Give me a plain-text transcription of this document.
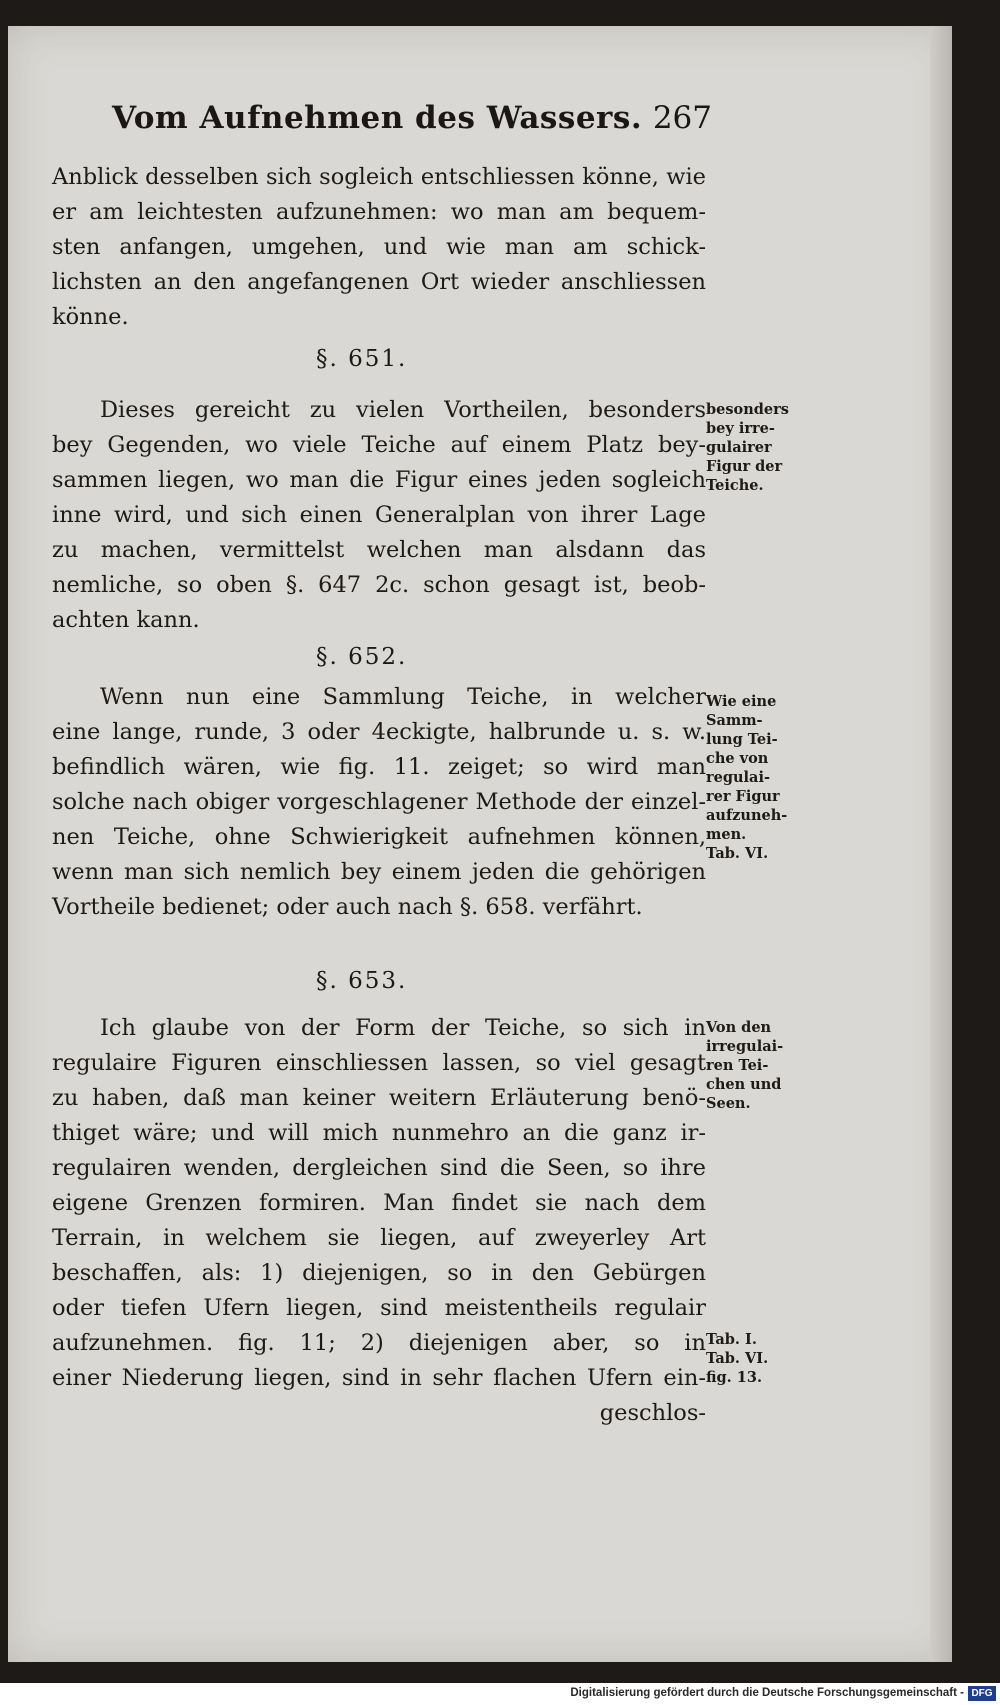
Vom Aufnehmen des Wassers. 267
Anblick desselben sich sogleich entschliessen könne, wie
er am leichtesten aufzunehmen: wo man am bequem-
sten anfangen, umgehen, und wie man am schick-
lichsten an den angefangenen Ort wieder anschliessen
könne.
§. 651.
Dieses gereicht zu vielen Vortheilen, besonders
bey Gegenden, wo viele Teiche auf einem Platz bey-
sammen liegen, wo man die Figur eines jeden sogleich
inne wird, und sich einen Generalplan von ihrer Lage
zu machen, vermittelst welchen man alsdann das
nemliche, so oben §. 647 2c. schon gesagt ist, beob-
achten kann.
§. 652.
Wenn nun eine Sammlung Teiche, in welcher
eine lange, runde, 3 oder 4eckigte, halbrunde u. s. w.
befindlich wären, wie fig. 11. zeiget; so wird man
solche nach obiger vorgeschlagener Methode der einzel-
nen Teiche, ohne Schwierigkeit aufnehmen können,
wenn man sich nemlich bey einem jeden die gehörigen
Vortheile bedienet; oder auch nach §. 658. verfährt.
§. 653.
Ich glaube von der Form der Teiche, so sich in
regulaire Figuren einschliessen lassen, so viel gesagt
zu haben, daß man keiner weitern Erläuterung benö-
thiget wäre; und will mich nunmehro an die ganz ir-
regulairen wenden, dergleichen sind die Seen, so ihre
eigene Grenzen formiren. Man findet sie nach dem
Terrain, in welchem sie liegen, auf zweyerley Art
beschaffen, als: 1) diejenigen, so in den Gebürgen
oder tiefen Ufern liegen, sind meistentheils regulair
aufzunehmen. fig. 11; 2) diejenigen aber, so in
einer Niederung liegen, sind in sehr flachen Ufern ein-
geschlos-
besonders
bey irre-
gulairer
Figur der
Teiche.
Wie eine
Samm-
lung Tei-
che von
regulai-
rer Figur
aufzuneh-
men.
Tab. VI.
Von den
irregulai-
ren Tei-
chen und
Seen.
Tab. I.
Tab. VI.
fig. 13.
Digitalisierung gefördert durch die Deutsche Forschungsgemeinschaft - DFG
